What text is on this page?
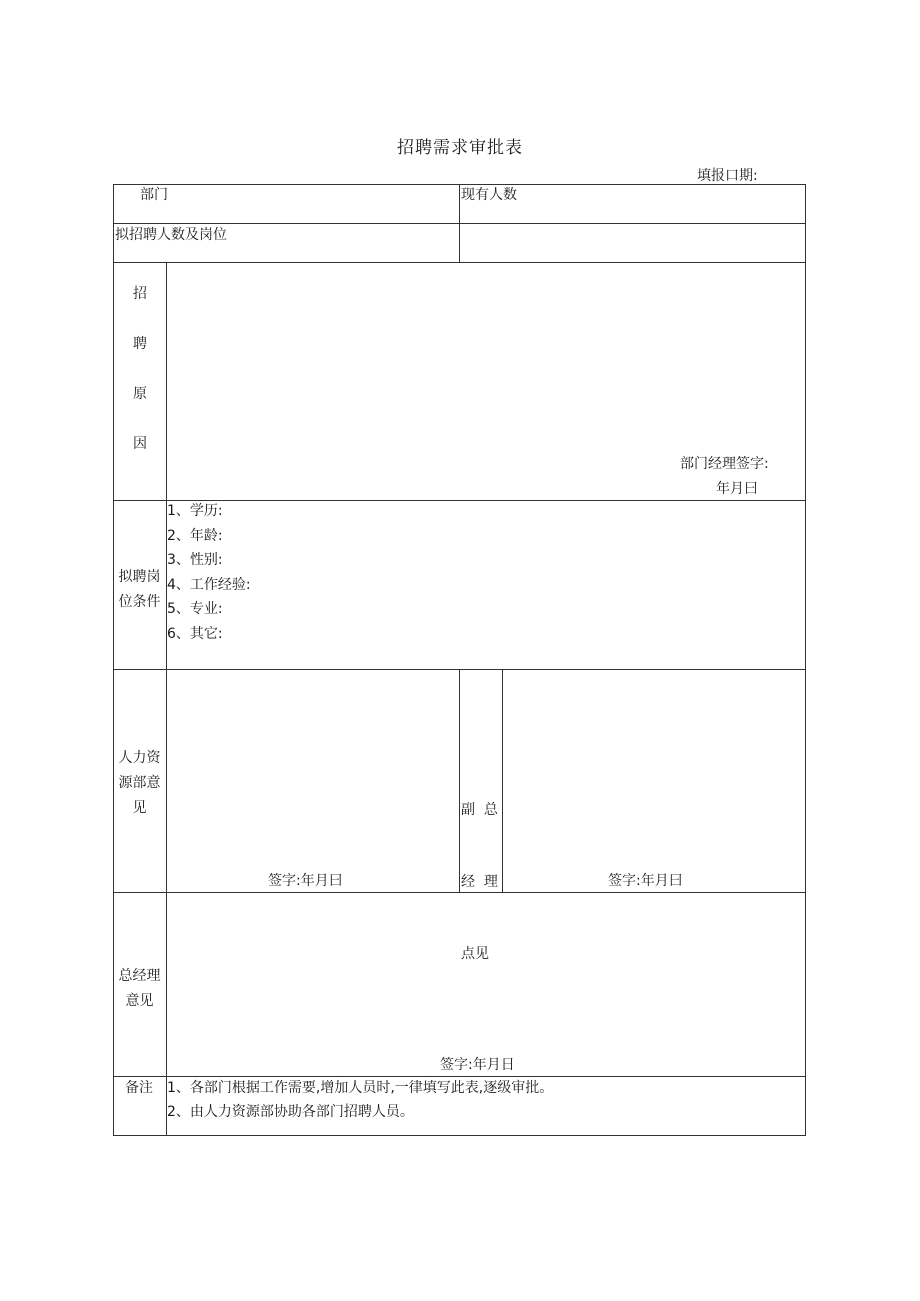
招聘需求审批表
填报口期:
部门	现有人数
拟招聘人数及岗位
招
聘
原
因
部门经理签字:
年月曰
拟聘岗
位条件
1、学历:
2、年龄:
3、性别:
4、工作经验:
5、专业:
6、其它:
人力资
源部意
见
签字:年月曰

副  总

经  理

点见

签字:年月曰
总经理
意见
签字:年月日
备注 1、各部门根据工作需要,增加人员时,一律填写此表,逐级审批。
2、由人力资源部协助各部门招聘人员。
